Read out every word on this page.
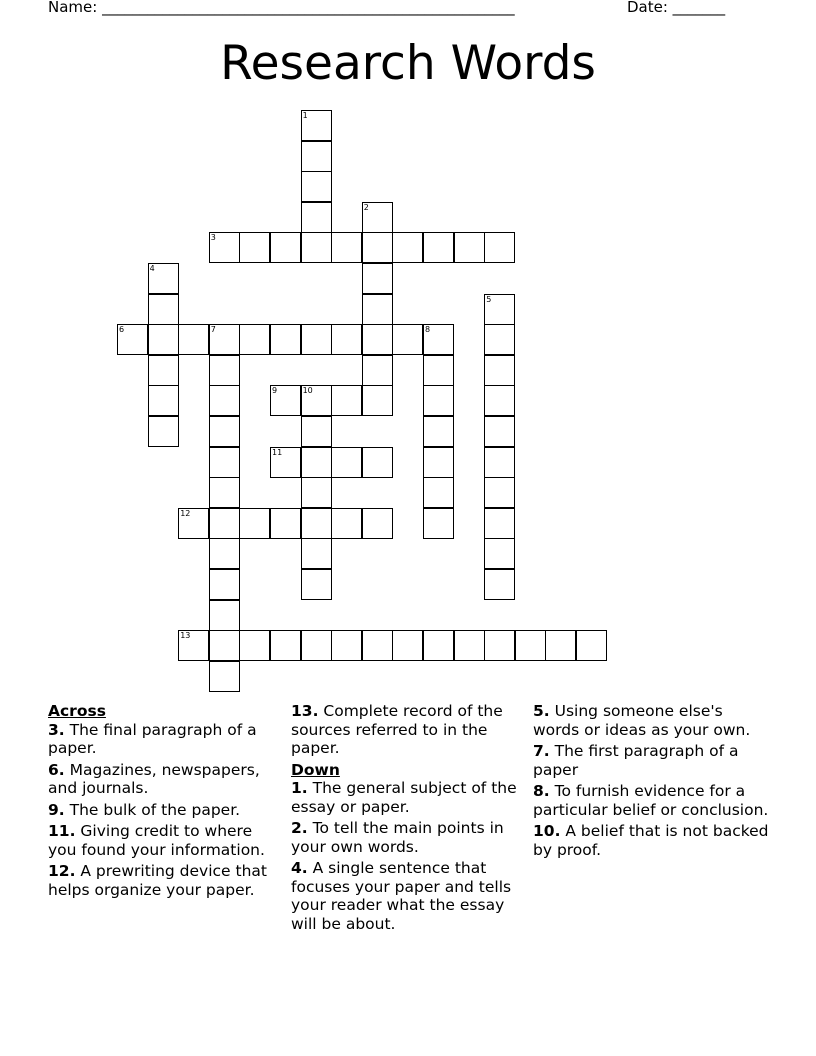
Name: _______________________________________________________	Date: _______
Research Words
1
2
3
4
5
6	7	8
9	10
11
12
13
Across
3. The final paragraph of a paper.
6. Magazines, newspapers, and journals.
9. The bulk of the paper.
11. Giving credit to where you found your information.
12. A prewriting device that helps organize your paper.
13. Complete record of the sources referred to in the paper.
Down
1. The general subject of the essay or paper.
2. To tell the main points in your own words.
4. A single sentence that focuses your paper and tells your reader what the essay will be about.
5. Using someone else's words or ideas as your own.
7. The first paragraph of a paper
8. To furnish evidence for a particular belief or conclusion.
10. A belief that is not backed by proof.
